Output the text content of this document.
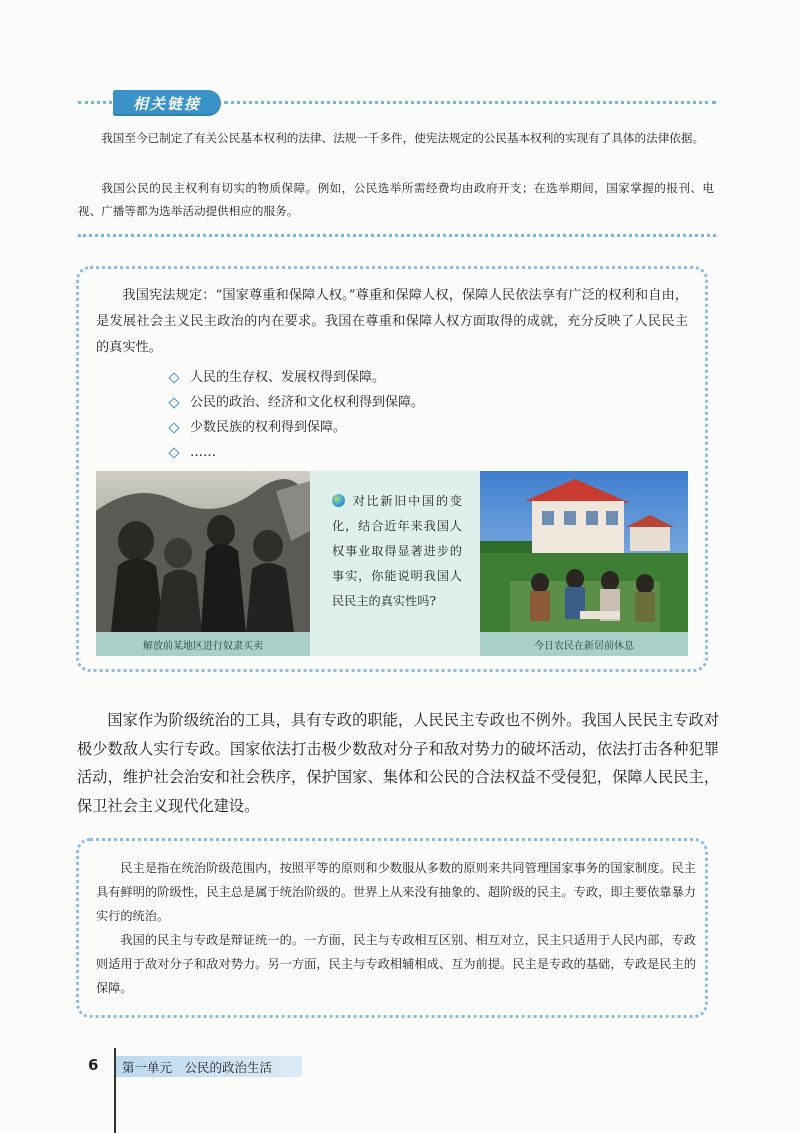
相关链接

我国至今已制定了有关公民基本权利的法律、法规一千多件，使宪法规定的公民基本权利的实现有了具体的法律依据。

我国公民的民主权利有切实的物质保障。例如，公民选举所需经费均由政府开支；在选举期间，国家掌握的报刊、电视、广播等都为选举活动提供相应的服务。

我国宪法规定：“国家尊重和保障人权。”尊重和保障人权，保障人民依法享有广泛的权利和自由，是发展社会主义民主政治的内在要求。我国在尊重和保障人权方面取得的成就，充分反映了人民民主的真实性。

人民的生存权、发展权得到保障。
公民的政治、经济和文化权利得到保障。
少数民族的权利得到保障。
……
解放前某地区进行奴隶买卖

对比新旧中国的变化，结合近年来我国人权事业取得显著进步的事实，你能说明我国人民民主的真实性吗?

今日农民在新居前休息

国家作为阶级统治的工具，具有专政的职能，人民民主专政也不例外。我国人民民主专政对极少数敌人实行专政。国家依法打击极少数敌对分子和敌对势力的破坏活动，依法打击各种犯罪活动，维护社会治安和社会秩序，保护国家、集体和公民的合法权益不受侵犯，保障人民民主，保卫社会主义现代化建设。

民主是指在统治阶级范围内，按照平等的原则和少数服从多数的原则来共同管理国家事务的国家制度。民主具有鲜明的阶级性，民主总是属于统治阶级的。世界上从来没有抽象的、超阶级的民主。专政，即主要依靠暴力实行的统治。

我国的民主与专政是辩证统一的。一方面，民主与专政相互区别、相互对立，民主只适用于人民内部，专政则适用于敌对分子和敌对势力。另一方面，民主与专政相辅相成、互为前提。民主是专政的基础，专政是民主的保障。

6	第一单元　公民的政治生活
